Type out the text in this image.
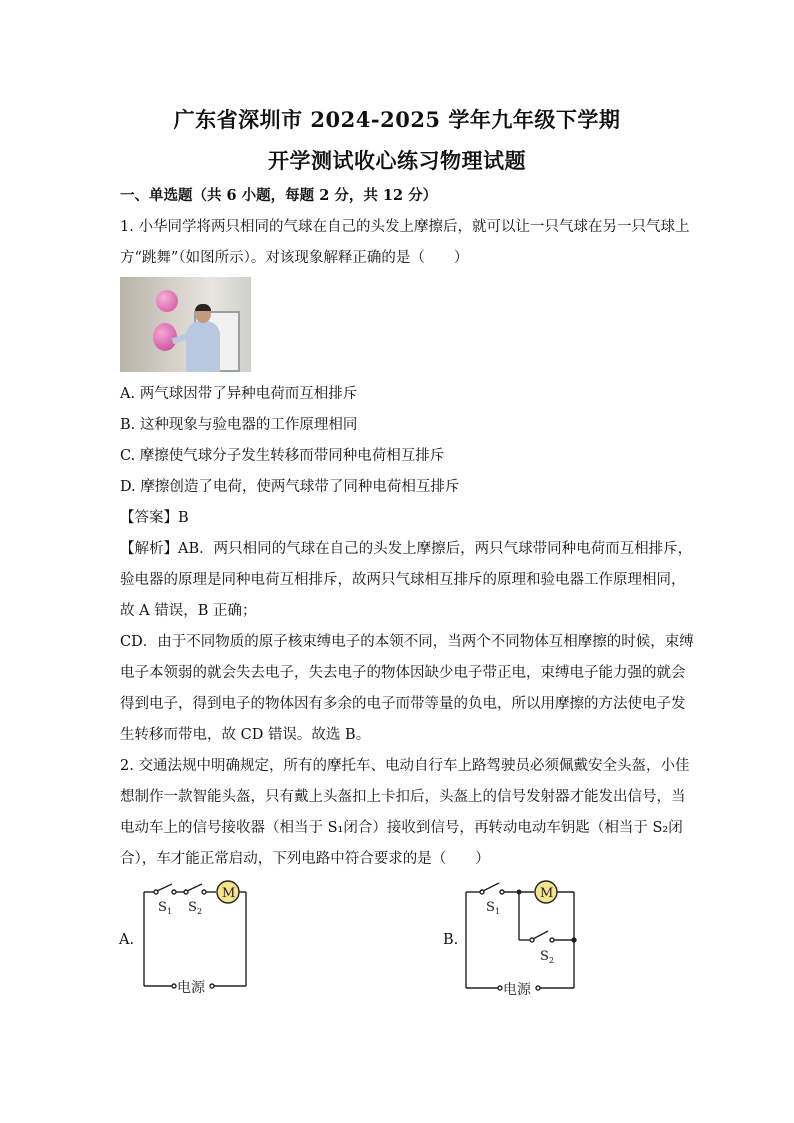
广东省深圳市 2024-2025 学年九年级下学期
开学测试收心练习物理试题
一、单选题（共 6 小题，每题 2 分，共 12 分）
1. 小华同学将两只相同的气球在自己的头发上摩擦后，就可以让一只气球在另一只气球上
方“跳舞”（如图所示）。对该现象解释正确的是（　　）
A. 两气球因带了异种电荷而互相排斥
B. 这种现象与验电器的工作原理相同
C. 摩擦使气球分子发生转移而带同种电荷相互排斥
D. 摩擦创造了电荷，使两气球带了同种电荷相互排斥
【答案】B
【解析】AB．两只相同的气球在自己的头发上摩擦后，两只气球带同种电荷而互相排斥，
验电器的原理是同种电荷互相排斥，故两只气球相互排斥的原理和验电器工作原理相同，
故 A 错误，B 正确；
CD．由于不同物质的原子核束缚电子的本领不同，当两个不同物体互相摩擦的时候，束缚
电子本领弱的就会失去电子，失去电子的物体因缺少电子带正电，束缚电子能力强的就会
得到电子，得到电子的物体因有多余的电子而带等量的负电，所以用摩擦的方法使电子发
生转移而带电，故 CD 错误。故选 B。
2. 交通法规中明确规定，所有的摩托车、电动自行车上路驾驶员必须佩戴安全头盔，小佳
想制作一款智能头盔，只有戴上头盔扣上卡扣后，头盔上的信号发射器才能发出信号，当
电动车上的信号接收器（相当于 S₁闭合）接收到信号，再转动电动车钥匙（相当于 S₂闭
合），车才能正常启动，下列电路中符合要求的是（　　）
A.
M
S 1 S 2
电源
B.
M
S 1
S 2
电源
